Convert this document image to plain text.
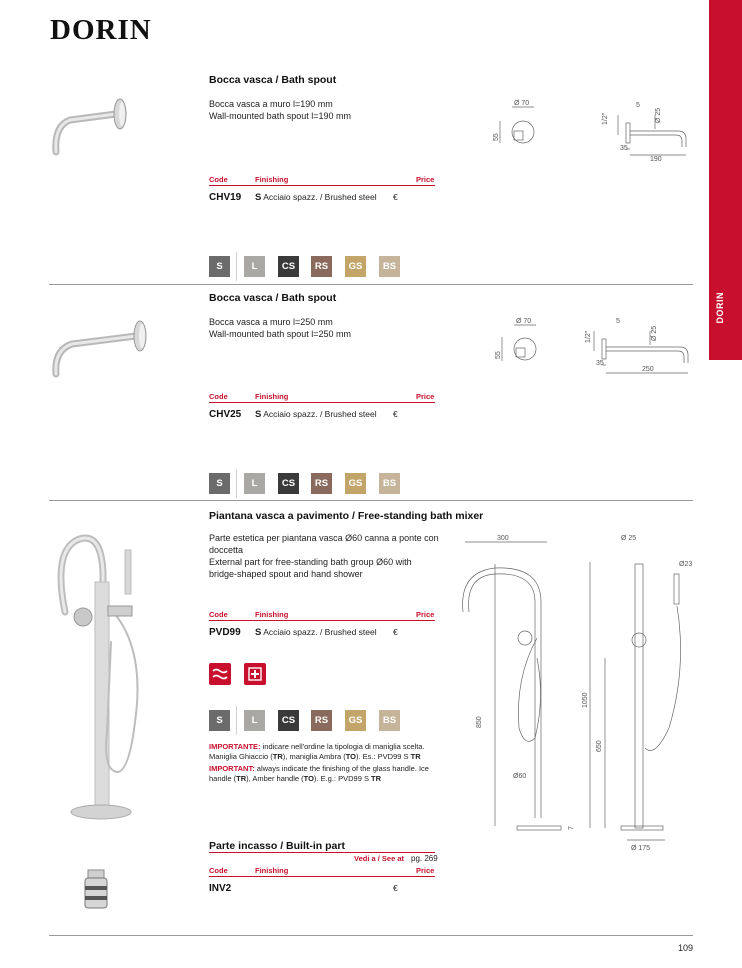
DORIN
DORIN
Bocca vasca / Bath spout
Bocca vasca a muro l=190 mm
Wall-mounted bath spout l=190 mm
Code	Finishing	Price
CHV19 S Acciaio spazz. / Brushed steel €
S	L	CS	RS	GS	BS
Ø 70
55
5
1/2"	Ø 25
35
190
Bocca vasca / Bath spout
Bocca vasca a muro l=250 mm
Wall-mounted bath spout l=250 mm
Code	Finishing	Price
CHV25 S Acciaio spazz. / Brushed steel €
S	L	CS	RS	GS	BS
Ø 70
55
5
1/2"	Ø 25
35
250
Piantana vasca a pavimento / Free-standing bath mixer
Parte estetica per piantana vasca Ø60 canna a ponte con doccetta
External part for free-standing bath group Ø60 with bridge-shaped spout and hand shower
Code	Finishing	Price
PVD99 S Acciaio spazz. / Brushed steel €
S	L	CS	RS	GS	BS
IMPORTANTE: indicare nell'ordine la tipologia di maniglia scelta. Maniglia Ghiaccio (TR), maniglia Ambra (TO). Es.: PVD99 S TR
IMPORTANT: always indicate the finishing of the glass handle. Ice handle (TR), Amber handle (TO). E.g.: PVD99 S TR
300	Ø 25
Ø23
850
1050
650
Ø60
7
Ø 175
Parte incasso / Built-in part
Vedi a / See at pg. 269
Code	Finishing	Price
INV2	€
109
